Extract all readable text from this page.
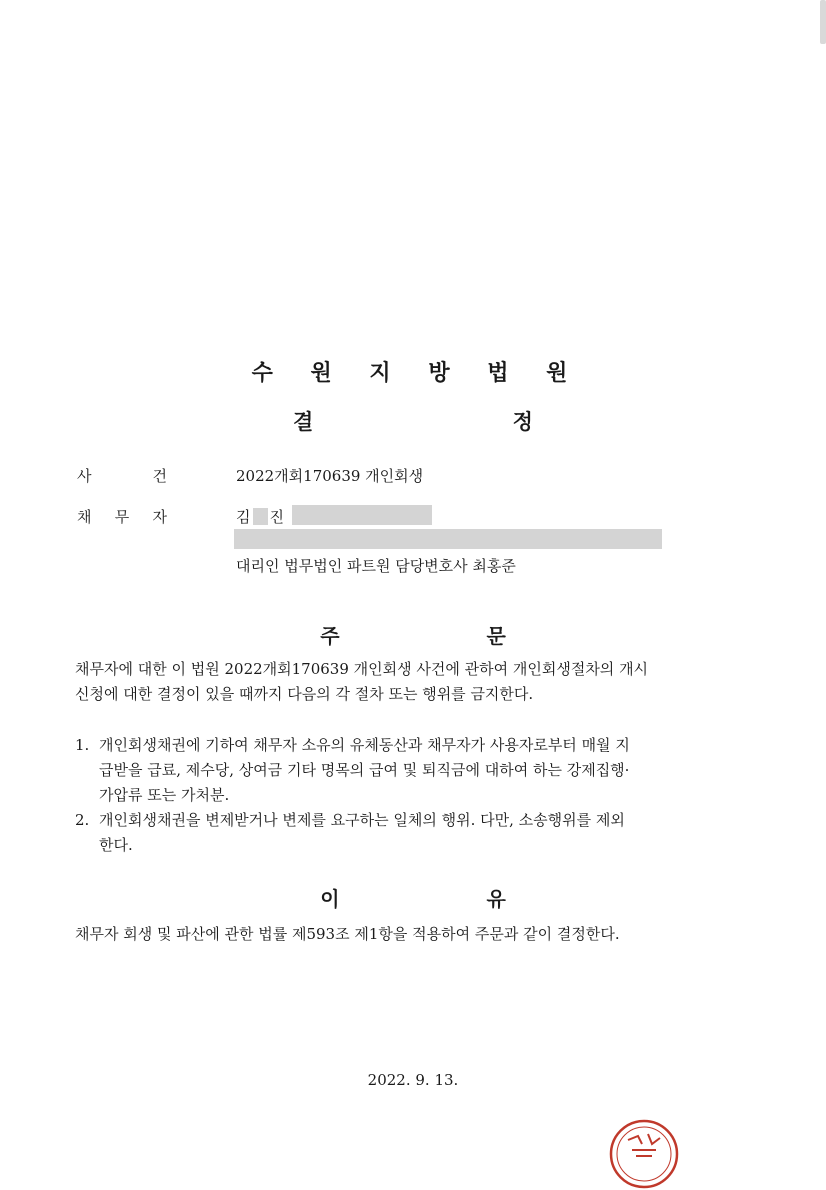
수 원 지 방 법 원
결 정
사	건	2022개회170639 개인회생
채 무 자	김 진
대리인 법무법인 파트원 담당변호사 최홍준
주 문
채무자에 대한 이 법원 2022개회170639 개인회생 사건에 관하여 개인회생절차의 개시
신청에 대한 결정이 있을 때까지 다음의 각 절차 또는 행위를 금지한다.
1. 개인회생채권에 기하여 채무자 소유의 유체동산과 채무자가 사용자로부터 매월 지
급받을 급료, 제수당, 상여금 기타 명목의 급여 및 퇴직금에 대하여 하는 강제집행·
가압류 또는 가처분.
2. 개인회생채권을 변제받거나 변제를 요구하는 일체의 행위. 다만, 소송행위를 제외
한다.
이 유
채무자 회생 및 파산에 관한 법률 제593조 제1항을 적용하여 주문과 같이 결정한다.
2022. 9. 13.
